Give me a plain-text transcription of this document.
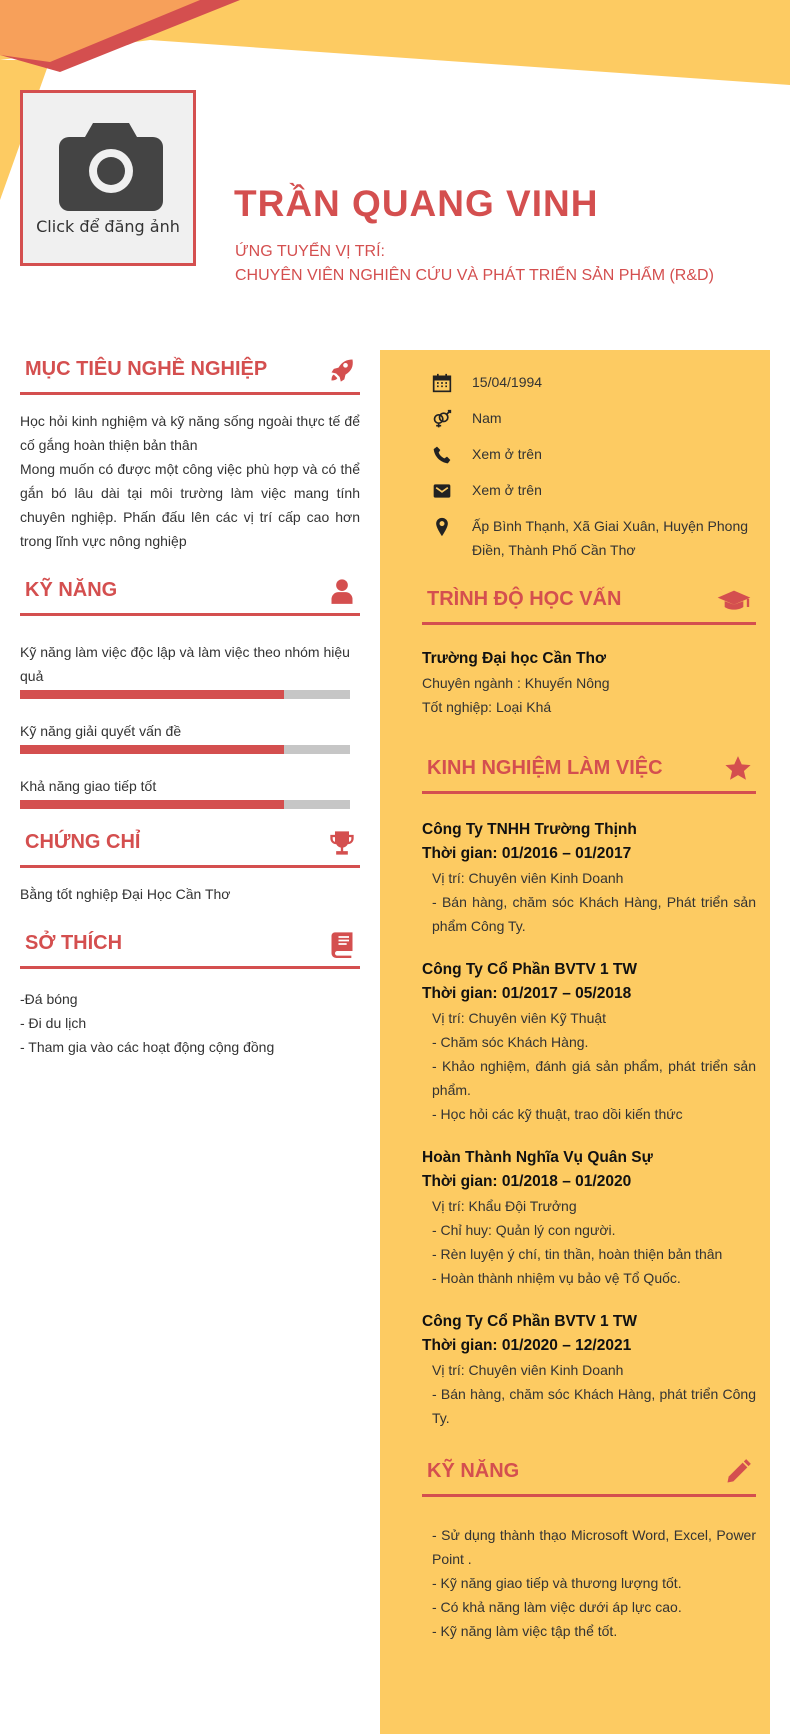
Click để đăng ảnh
TRẦN QUANG VINH
ỨNG TUYỂN VỊ TRÍ:
CHUYÊN VIÊN NGHIÊN CỨU VÀ PHÁT TRIỂN SẢN PHẨM (R&D)
MỤC TIÊU NGHỀ NGHIỆP
Học hỏi kinh nghiệm và kỹ năng sống ngoài thực tế để cố gắng hoàn thiện bản thân
Mong muốn có được một công việc phù hợp và có thể gắn bó lâu dài tại môi trường làm việc mang tính chuyên nghiệp. Phấn đấu lên các vị trí cấp cao hơn trong lĩnh vực nông nghiệp
KỸ NĂNG
Kỹ năng làm việc độc lập và làm việc theo nhóm hiệu quả
Kỹ năng giải quyết vấn đề
Khả năng giao tiếp tốt
CHỨNG CHỈ
Bằng tốt nghiệp Đại Học Cần Thơ
SỞ THÍCH
-Đá bóng
- Đi du lịch
- Tham gia vào các hoạt động cộng đồng
15/04/1994
Nam
Xem ở trên
Xem ở trên
Ấp Bình Thạnh, Xã Giai Xuân, Huyện Phong Điền, Thành Phố Cần Thơ
TRÌNH ĐỘ HỌC VẤN
Trường Đại học Cần Thơ
Chuyên ngành : Khuyến Nông
Tốt nghiệp: Loại Khá
KINH NGHIỆM LÀM VIỆC
Công Ty TNHH Trường Thịnh
Thời gian: 01/2016 – 01/2017
Vị trí: Chuyên viên Kinh Doanh
- Bán hàng, chăm sóc Khách Hàng, Phát triển sản phẩm Công Ty.
Công Ty Cổ Phần BVTV 1 TW
Thời gian: 01/2017 – 05/2018
Vị trí: Chuyên viên Kỹ Thuật
- Chăm sóc Khách Hàng.
- Khảo nghiệm, đánh giá sản phẩm, phát triển sản phẩm.
- Học hỏi các kỹ thuật, trao dồi kiến thức
Hoàn Thành Nghĩa Vụ Quân Sự
Thời gian: 01/2018 – 01/2020
Vị trí: Khẩu Đội Trưởng
- Chỉ huy: Quản lý con người.
- Rèn luyện ý chí, tin thần, hoàn thiện bản thân
- Hoàn thành nhiệm vụ bảo vệ Tổ Quốc.
Công Ty Cổ Phần BVTV 1 TW
Thời gian: 01/2020 – 12/2021
Vị trí: Chuyên viên Kinh Doanh
- Bán hàng, chăm sóc Khách Hàng, phát triển Công Ty.
KỸ NĂNG
- Sử dụng thành thạo Microsoft Word, Excel, Power Point .
- Kỹ năng giao tiếp và thương lượng tốt.
- Có khả năng làm việc dưới áp lực cao.
- Kỹ năng làm việc tập thể tốt.
